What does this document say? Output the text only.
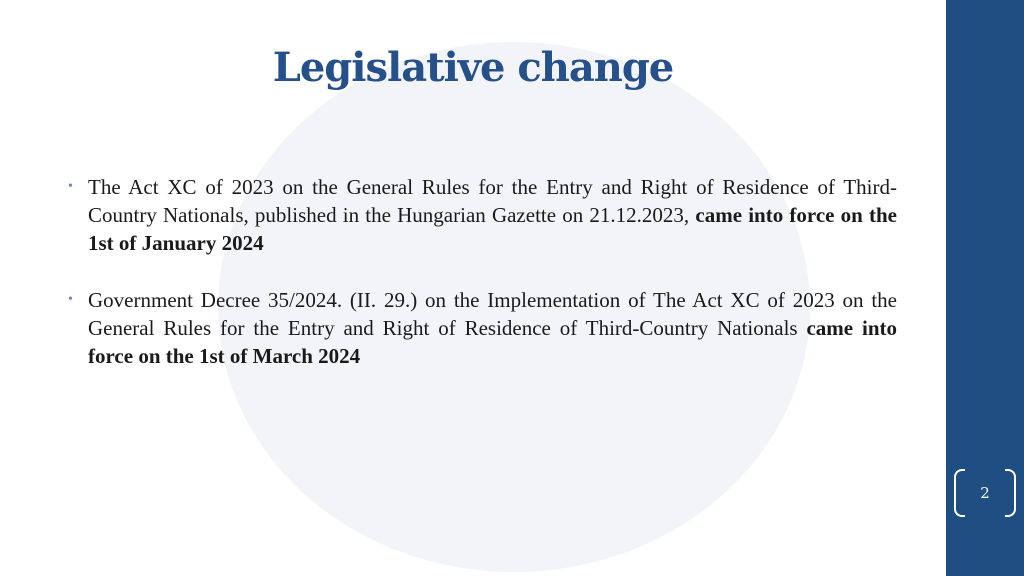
Legislative change
• The Act XC of 2023 on the General Rules for the Entry and Right of Residence of Third-Country Nationals, published in the Hungarian Gazette on 21.12.2023, came into force on the 1st of January 2024
• Government Decree 35/2024. (II. 29.) on the Implementation of The Act XC of 2023 on the General Rules for the Entry and Right of Residence of Third-Country Nationals came into force on the 1st of March 2024
2
